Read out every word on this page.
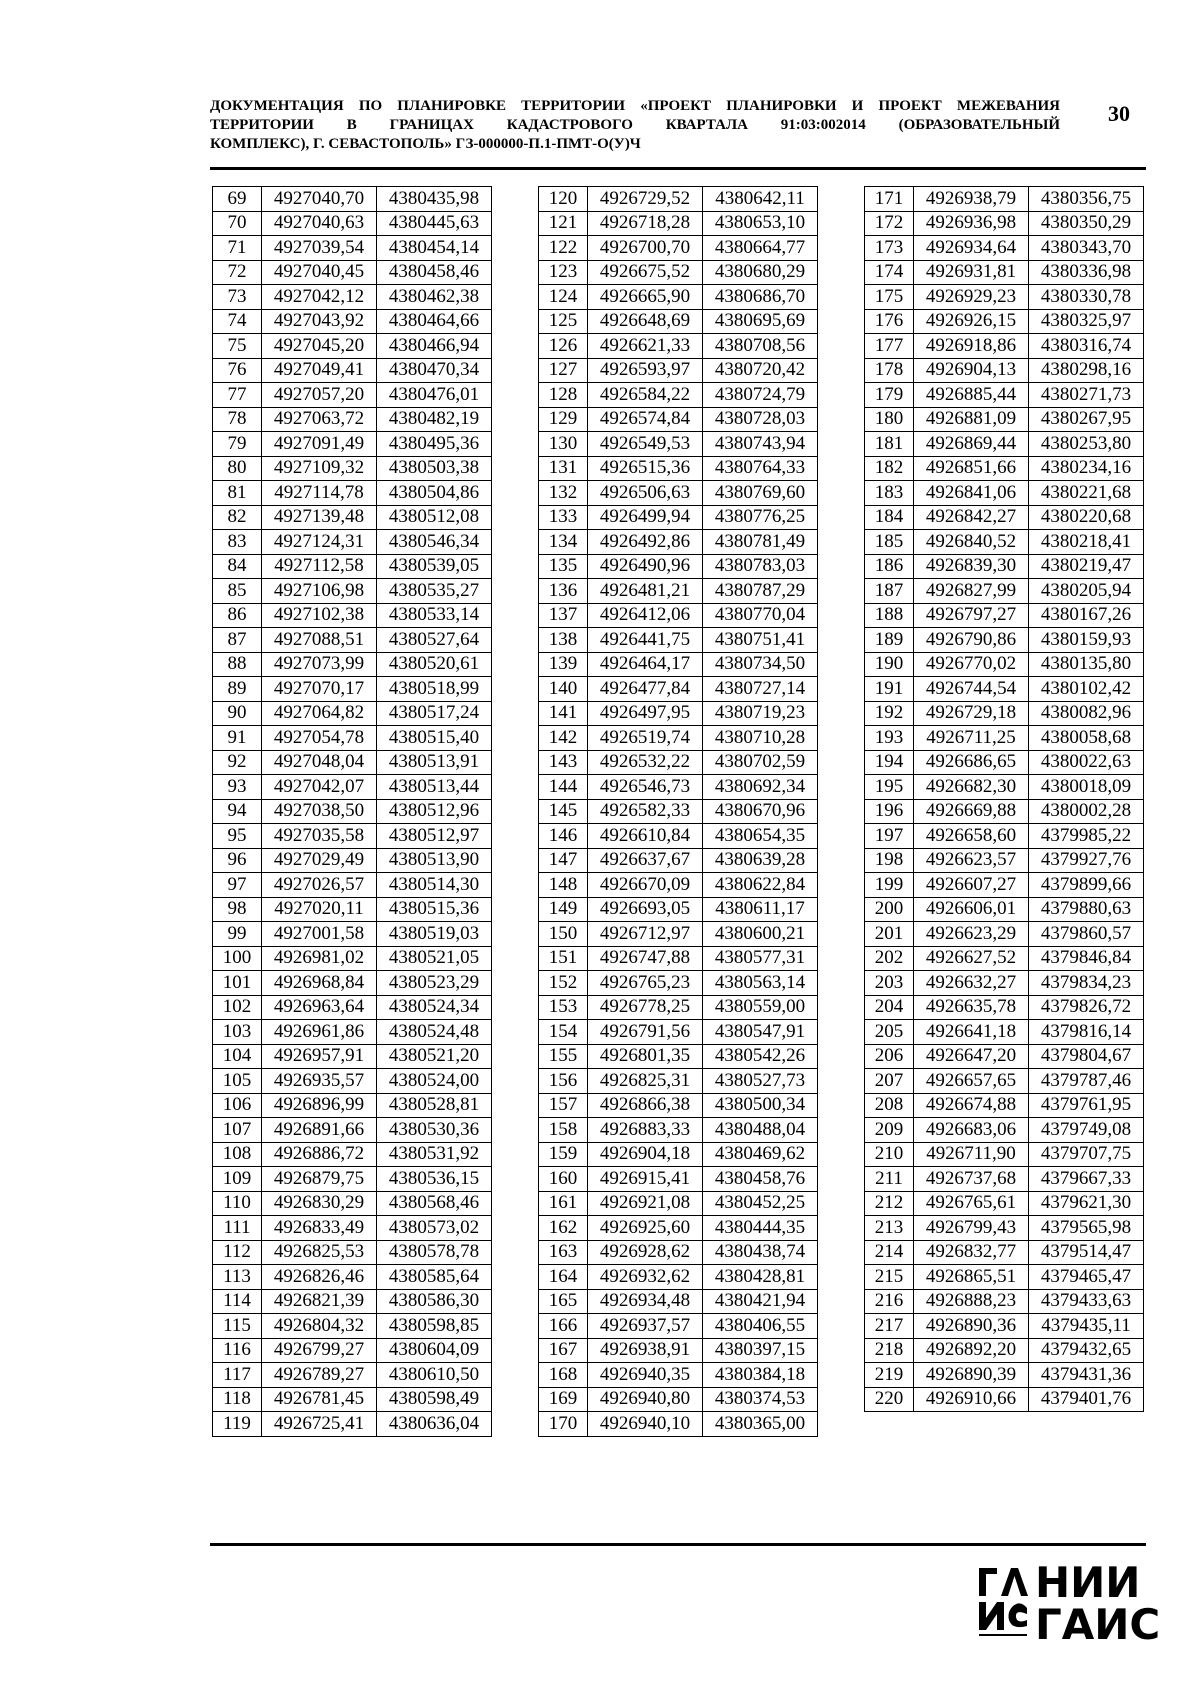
ДОКУМЕНТАЦИЯ ПО ПЛАНИРОВКЕ ТЕРРИТОРИИ «ПРОЕКТ ПЛАНИРОВКИ И ПРОЕКТ МЕЖЕВАНИЯ
ТЕРРИТОРИИ В ГРАНИЦАХ КАДАСТРОВОГО КВАРТАЛА 91:03:002014 (ОБРАЗОВАТЕЛЬНЫЙ
КОМПЛЕКС), Г. СЕВАСТОПОЛЬ» ГЗ-000000-П.1-ПМТ-О(У)Ч
30
69	4927040,70	4380435,98
70	4927040,63	4380445,63
71	4927039,54	4380454,14
72	4927040,45	4380458,46
73	4927042,12	4380462,38
74	4927043,92	4380464,66
75	4927045,20	4380466,94
76	4927049,41	4380470,34
77	4927057,20	4380476,01
78	4927063,72	4380482,19
79	4927091,49	4380495,36
80	4927109,32	4380503,38
81	4927114,78	4380504,86
82	4927139,48	4380512,08
83	4927124,31	4380546,34
84	4927112,58	4380539,05
85	4927106,98	4380535,27
86	4927102,38	4380533,14
87	4927088,51	4380527,64
88	4927073,99	4380520,61
89	4927070,17	4380518,99
90	4927064,82	4380517,24
91	4927054,78	4380515,40
92	4927048,04	4380513,91
93	4927042,07	4380513,44
94	4927038,50	4380512,96
95	4927035,58	4380512,97
96	4927029,49	4380513,90
97	4927026,57	4380514,30
98	4927020,11	4380515,36
99	4927001,58	4380519,03
100	4926981,02	4380521,05
101	4926968,84	4380523,29
102	4926963,64	4380524,34
103	4926961,86	4380524,48
104	4926957,91	4380521,20
105	4926935,57	4380524,00
106	4926896,99	4380528,81
107	4926891,66	4380530,36
108	4926886,72	4380531,92
109	4926879,75	4380536,15
110	4926830,29	4380568,46
111	4926833,49	4380573,02
112	4926825,53	4380578,78
113	4926826,46	4380585,64
114	4926821,39	4380586,30
115	4926804,32	4380598,85
116	4926799,27	4380604,09
117	4926789,27	4380610,50
118	4926781,45	4380598,49
119	4926725,41	4380636,04
120	4926729,52	4380642,11
121	4926718,28	4380653,10
122	4926700,70	4380664,77
123	4926675,52	4380680,29
124	4926665,90	4380686,70
125	4926648,69	4380695,69
126	4926621,33	4380708,56
127	4926593,97	4380720,42
128	4926584,22	4380724,79
129	4926574,84	4380728,03
130	4926549,53	4380743,94
131	4926515,36	4380764,33
132	4926506,63	4380769,60
133	4926499,94	4380776,25
134	4926492,86	4380781,49
135	4926490,96	4380783,03
136	4926481,21	4380787,29
137	4926412,06	4380770,04
138	4926441,75	4380751,41
139	4926464,17	4380734,50
140	4926477,84	4380727,14
141	4926497,95	4380719,23
142	4926519,74	4380710,28
143	4926532,22	4380702,59
144	4926546,73	4380692,34
145	4926582,33	4380670,96
146	4926610,84	4380654,35
147	4926637,67	4380639,28
148	4926670,09	4380622,84
149	4926693,05	4380611,17
150	4926712,97	4380600,21
151	4926747,88	4380577,31
152	4926765,23	4380563,14
153	4926778,25	4380559,00
154	4926791,56	4380547,91
155	4926801,35	4380542,26
156	4926825,31	4380527,73
157	4926866,38	4380500,34
158	4926883,33	4380488,04
159	4926904,18	4380469,62
160	4926915,41	4380458,76
161	4926921,08	4380452,25
162	4926925,60	4380444,35
163	4926928,62	4380438,74
164	4926932,62	4380428,81
165	4926934,48	4380421,94
166	4926937,57	4380406,55
167	4926938,91	4380397,15
168	4926940,35	4380384,18
169	4926940,80	4380374,53
170	4926940,10	4380365,00
171	4926938,79	4380356,75
172	4926936,98	4380350,29
173	4926934,64	4380343,70
174	4926931,81	4380336,98
175	4926929,23	4380330,78
176	4926926,15	4380325,97
177	4926918,86	4380316,74
178	4926904,13	4380298,16
179	4926885,44	4380271,73
180	4926881,09	4380267,95
181	4926869,44	4380253,80
182	4926851,66	4380234,16
183	4926841,06	4380221,68
184	4926842,27	4380220,68
185	4926840,52	4380218,41
186	4926839,30	4380219,47
187	4926827,99	4380205,94
188	4926797,27	4380167,26
189	4926790,86	4380159,93
190	4926770,02	4380135,80
191	4926744,54	4380102,42
192	4926729,18	4380082,96
193	4926711,25	4380058,68
194	4926686,65	4380022,63
195	4926682,30	4380018,09
196	4926669,88	4380002,28
197	4926658,60	4379985,22
198	4926623,57	4379927,76
199	4926607,27	4379899,66
200	4926606,01	4379880,63
201	4926623,29	4379860,57
202	4926627,52	4379846,84
203	4926632,27	4379834,23
204	4926635,78	4379826,72
205	4926641,18	4379816,14
206	4926647,20	4379804,67
207	4926657,65	4379787,46
208	4926674,88	4379761,95
209	4926683,06	4379749,08
210	4926711,90	4379707,75
211	4926737,68	4379667,33
212	4926765,61	4379621,30
213	4926799,43	4379565,98
214	4926832,77	4379514,47
215	4926865,51	4379465,47
216	4926888,23	4379433,63
217	4926890,36	4379435,11
218	4926892,20	4379432,65
219	4926890,39	4379431,36
220	4926910,66	4379401,76
НИИ
ГАИС
